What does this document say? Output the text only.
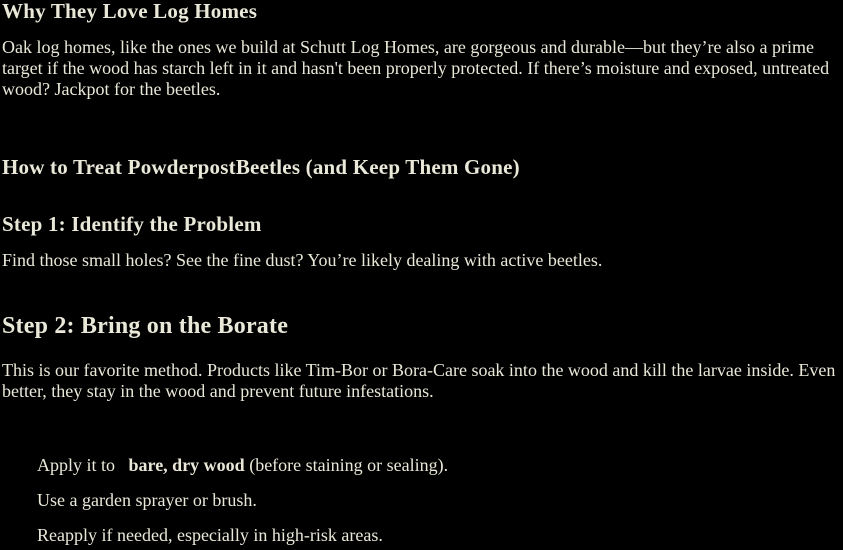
Why They Love Log Homes

Oak log homes, like the ones we build at Schutt Log Homes, are gorgeous and durable—but they’re also a prime target if the wood has starch left in it and hasn't been properly protected. If there’s moisture and exposed, untreated wood? Jackpot for the beetles.

How to Treat PowderpostBeetles (and Keep Them Gone)
Step 1: Identify the Problem

Find those small holes? See the fine dust? You’re likely dealing with active beetles.

Step 2: Bring on the Borate

This is our favorite method. Products like Tim-Bor or Bora-Care soak into the wood and kill the larvae inside. Even better, they stay in the wood and prevent future infestations.

Apply it to bare, dry wood (before staining or sealing).
Use a garden sprayer or brush.
Reapply if needed, especially in high-risk areas.
